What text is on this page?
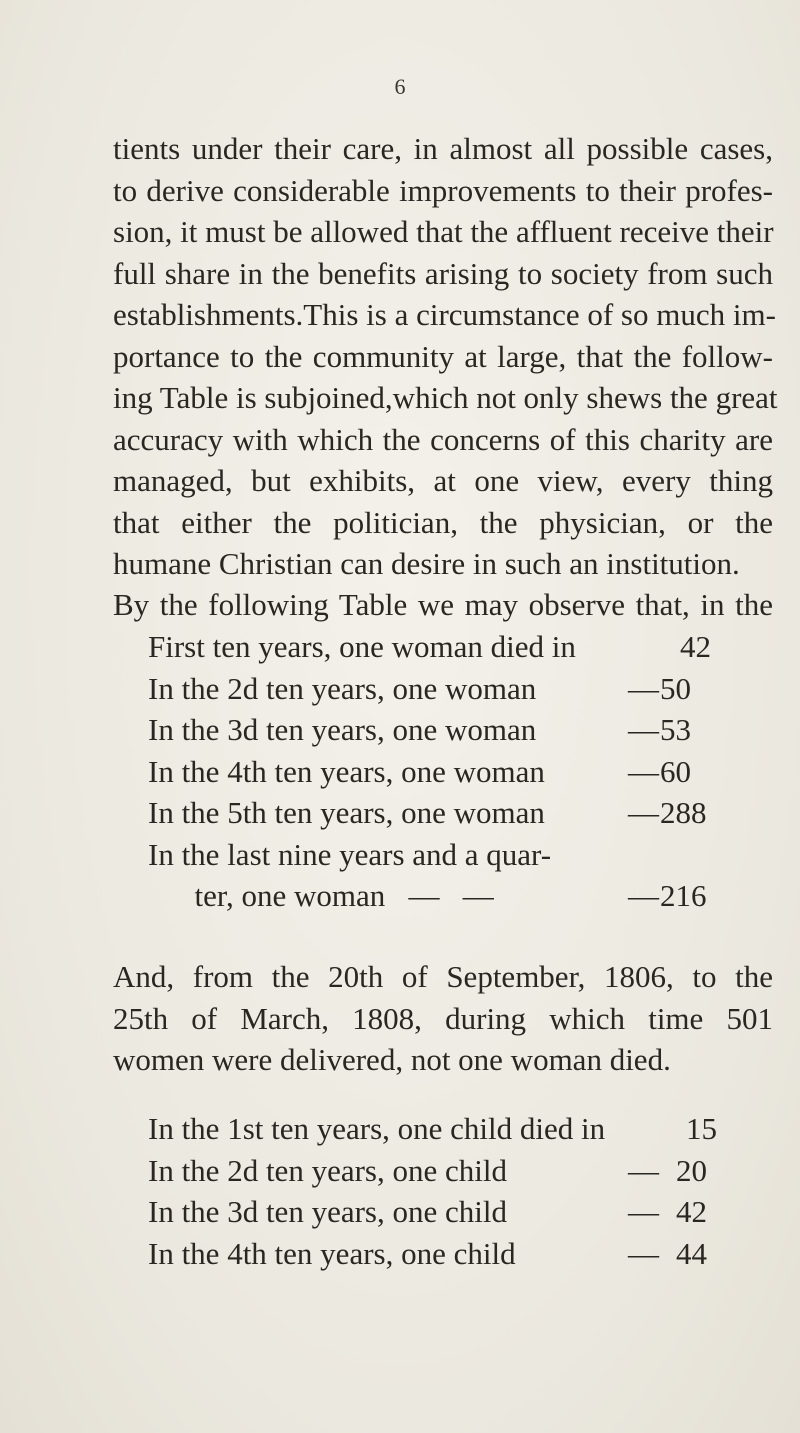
6
tients under their care, in almost all possible cases,
to derive considerable improvements to their profes-
sion, it must be allowed that the affluent receive their
full share in the benefits arising to society from such
establishments.This is a circumstance of so much im-
portance to the community at large, that the follow-
ing Table is subjoined,which not only shews the great
accuracy with which the concerns of this charity are
managed, but exhibits, at one view, every thing
that either the politician, the physician, or the
humane Christian can desire in such an institution.
By the following Table we may observe that, in the
First ten years, one woman died in	42
In the 2d ten years, one woman	— 50
In the 3d ten years, one woman	— 53
In the 4th ten years, one woman	— 60
In the 5th ten years, one woman	— 288
In the last nine years and a quar-
ter, one woman   —   —	— 216
And, from the 20th of September, 1806, to the
25th of March, 1808, during which time 501
women were delivered, not one woman died.
In the 1st ten years, one child died in	15
In the 2d ten years, one child	— 20
In the 3d ten years, one child	— 42
In the 4th ten years, one child	— 44
